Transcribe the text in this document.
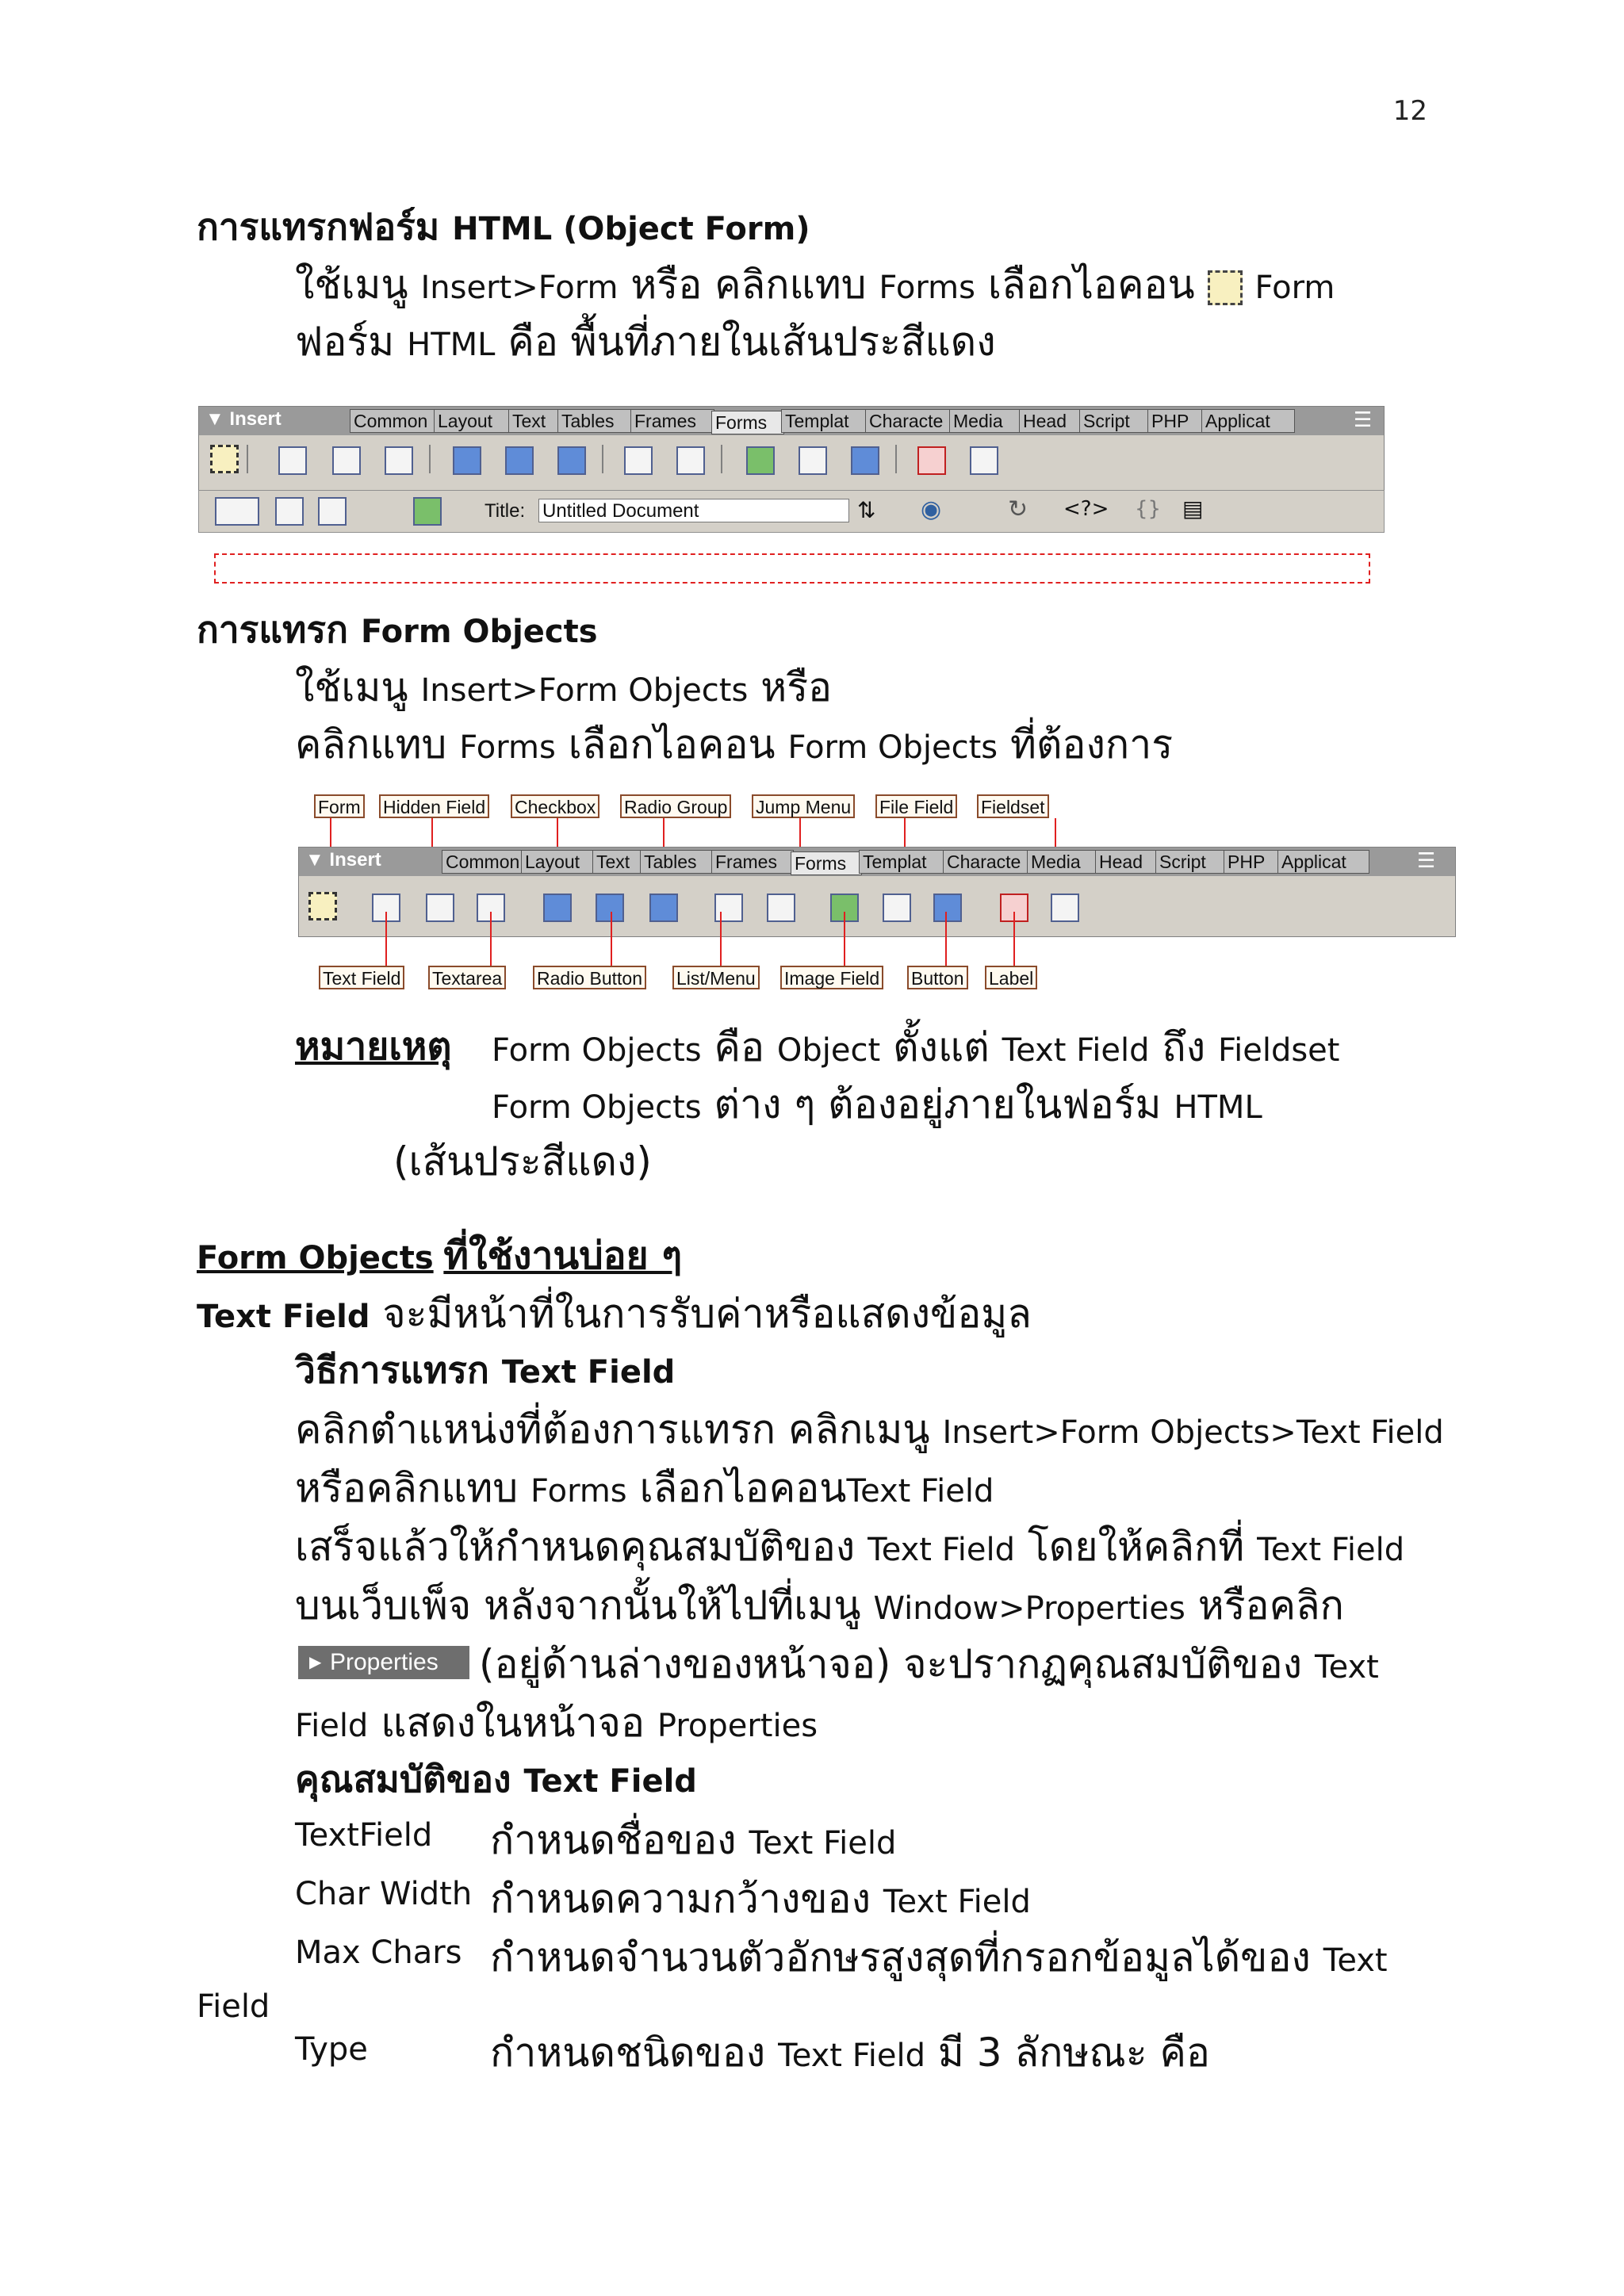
12
การแทรกฟอร์ม HTML (Object Form)
ใช้เมนู Insert>Form หรือ คลิกแทบ Forms เลือกไอคอน Form
ฟอร์ม HTML คือ พื้นที่ภายในเส้นประสีแดง
▼ Insert	Common Layout	Text Tables	Frames	Forms Templat	Characte Media	Head Script	PHP Applicat	☰
Title: Untitled Document	⇅ ◉	↻ <?> {} ▤
การแทรก Form Objects
ใช้เมนู Insert>Form Objects หรือ
คลิกแทบ Forms เลือกไอคอน Form Objects ที่ต้องการ
Form Hidden Field Checkbox Radio Group Jump Menu File Field Fieldset
▼ Insert	Common Layout Text Tables	Frames Forms Templat	Characte Media	Head Script	PHP Applicat	☰
Text Field Textarea Radio Button List/Menu Image Field Button Label
หมายเหตุ Form Objects คือ Object ตั้งแต่ Text Field ถึง Fieldset
Form Objects ต่าง ๆ ต้องอยู่ภายในฟอร์ม HTML
(เส้นประสีแดง)
Form Objects ที่ใช้งานบ่อย ๆ
Text Field จะมีหน้าที่ในการรับค่าหรือแสดงข้อมูล
วิธีการแทรก Text Field
คลิกตำแหน่งที่ต้องการแทรก คลิกเมนู Insert>Form Objects>Text Field
หรือคลิกแทบ Forms เลือกไอคอนText Field
เสร็จแล้วให้กำหนดคุณสมบัติของ Text Field โดยให้คลิกที่ Text Field
บนเว็บเพ็จ หลังจากนั้นให้ไปที่เมนู Window>Properties หรือคลิก
▶ Properties	(อยู่ด้านล่างของหน้าจอ) จะปรากฏคุณสมบัติของ Text
Field แสดงในหน้าจอ Properties
คุณสมบัติของ Text Field
TextField กำหนดชื่อของ Text Field
Char Width กำหนดความกว้างของ Text Field
Max Chars กำหนดจำนวนตัวอักษรสูงสุดที่กรอกข้อมูลได้ของ Text
Field
Type	กำหนดชนิดของ Text Field มี 3 ลักษณะ คือ
